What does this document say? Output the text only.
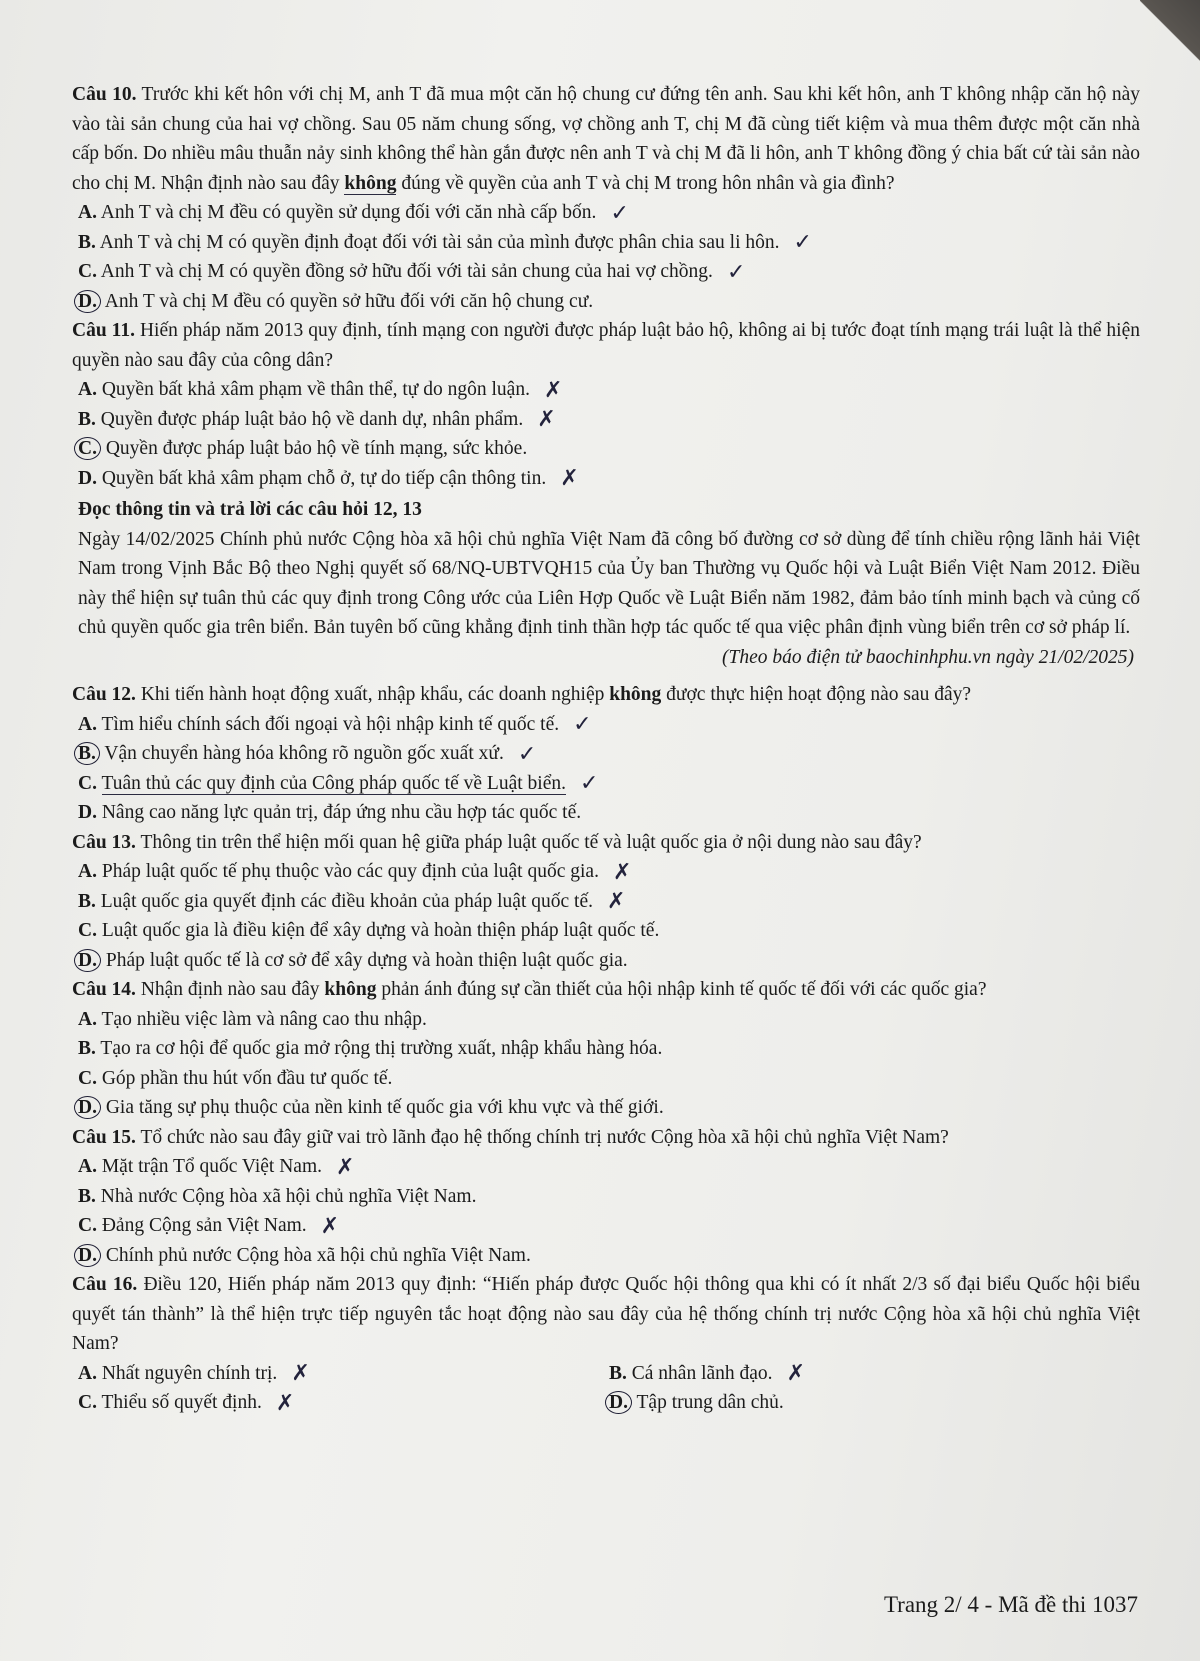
Câu 10. Trước khi kết hôn với chị M, anh T đã mua một căn hộ chung cư đứng tên anh. Sau khi kết hôn, anh T không nhập căn hộ này vào tài sản chung của hai vợ chồng. Sau 05 năm chung sống, vợ chồng anh T, chị M đã cùng tiết kiệm và mua thêm được một căn nhà cấp bốn. Do nhiều mâu thuẫn nảy sinh không thể hàn gắn được nên anh T và chị M đã li hôn, anh T không đồng ý chia bất cứ tài sản nào cho chị M. Nhận định nào sau đây không đúng về quyền của anh T và chị M trong hôn nhân và gia đình?

A. Anh T và chị M đều có quyền sử dụng đối với căn nhà cấp bốn. ✓

B. Anh T và chị M có quyền định đoạt đối với tài sản của mình được phân chia sau li hôn. ✓

C. Anh T và chị M có quyền đồng sở hữu đối với tài sản chung của hai vợ chồng. ✓

D. Anh T và chị M đều có quyền sở hữu đối với căn hộ chung cư.

Câu 11. Hiến pháp năm 2013 quy định, tính mạng con người được pháp luật bảo hộ, không ai bị tước đoạt tính mạng trái luật là thể hiện quyền nào sau đây của công dân?

A. Quyền bất khả xâm phạm về thân thể, tự do ngôn luận. ✗

B. Quyền được pháp luật bảo hộ về danh dự, nhân phẩm. ✗

C. Quyền được pháp luật bảo hộ về tính mạng, sức khỏe.

D. Quyền bất khả xâm phạm chỗ ở, tự do tiếp cận thông tin. ✗

Đọc thông tin và trả lời các câu hỏi 12, 13

Ngày 14/02/2025 Chính phủ nước Cộng hòa xã hội chủ nghĩa Việt Nam đã công bố đường cơ sở dùng để tính chiều rộng lãnh hải Việt Nam trong Vịnh Bắc Bộ theo Nghị quyết số 68/NQ-UBTVQH15 của Ủy ban Thường vụ Quốc hội và Luật Biển Việt Nam 2012. Điều này thể hiện sự tuân thủ các quy định trong Công ước của Liên Hợp Quốc về Luật Biển năm 1982, đảm bảo tính minh bạch và củng cố chủ quyền quốc gia trên biển. Bản tuyên bố cũng khẳng định tinh thần hợp tác quốc tế qua việc phân định vùng biển trên cơ sở pháp lí.

(Theo báo điện tử baochinhphu.vn ngày 21/02/2025)

Câu 12. Khi tiến hành hoạt động xuất, nhập khẩu, các doanh nghiệp không được thực hiện hoạt động nào sau đây?

A. Tìm hiểu chính sách đối ngoại và hội nhập kinh tế quốc tế. ✓

B. Vận chuyển hàng hóa không rõ nguồn gốc xuất xứ. ✓

C. Tuân thủ các quy định của Công pháp quốc tế về Luật biển. ✓

D. Nâng cao năng lực quản trị, đáp ứng nhu cầu hợp tác quốc tế.

Câu 13. Thông tin trên thể hiện mối quan hệ giữa pháp luật quốc tế và luật quốc gia ở nội dung nào sau đây?

A. Pháp luật quốc tế phụ thuộc vào các quy định của luật quốc gia. ✗

B. Luật quốc gia quyết định các điều khoản của pháp luật quốc tế. ✗

C. Luật quốc gia là điều kiện để xây dựng và hoàn thiện pháp luật quốc tế.

D. Pháp luật quốc tế là cơ sở để xây dựng và hoàn thiện luật quốc gia.

Câu 14. Nhận định nào sau đây không phản ánh đúng sự cần thiết của hội nhập kinh tế quốc tế đối với các quốc gia?

A. Tạo nhiều việc làm và nâng cao thu nhập.

B. Tạo ra cơ hội để quốc gia mở rộng thị trường xuất, nhập khẩu hàng hóa.

C. Góp phần thu hút vốn đầu tư quốc tế.

D. Gia tăng sự phụ thuộc của nền kinh tế quốc gia với khu vực và thế giới.

Câu 15. Tổ chức nào sau đây giữ vai trò lãnh đạo hệ thống chính trị nước Cộng hòa xã hội chủ nghĩa Việt Nam?

A. Mặt trận Tổ quốc Việt Nam. ✗

B. Nhà nước Cộng hòa xã hội chủ nghĩa Việt Nam.

C. Đảng Cộng sản Việt Nam. ✗

D. Chính phủ nước Cộng hòa xã hội chủ nghĩa Việt Nam.

Câu 16. Điều 120, Hiến pháp năm 2013 quy định: “Hiến pháp được Quốc hội thông qua khi có ít nhất 2/3 số đại biểu Quốc hội biểu quyết tán thành” là thể hiện trực tiếp nguyên tắc hoạt động nào sau đây của hệ thống chính trị nước Cộng hòa xã hội chủ nghĩa Việt Nam?

A. Nhất nguyên chính trị. ✗	B. Cá nhân lãnh đạo. ✗
C. Thiểu số quyết định. ✗	D. Tập trung dân chủ.
Trang 2/ 4 - Mã đề thi 1037
